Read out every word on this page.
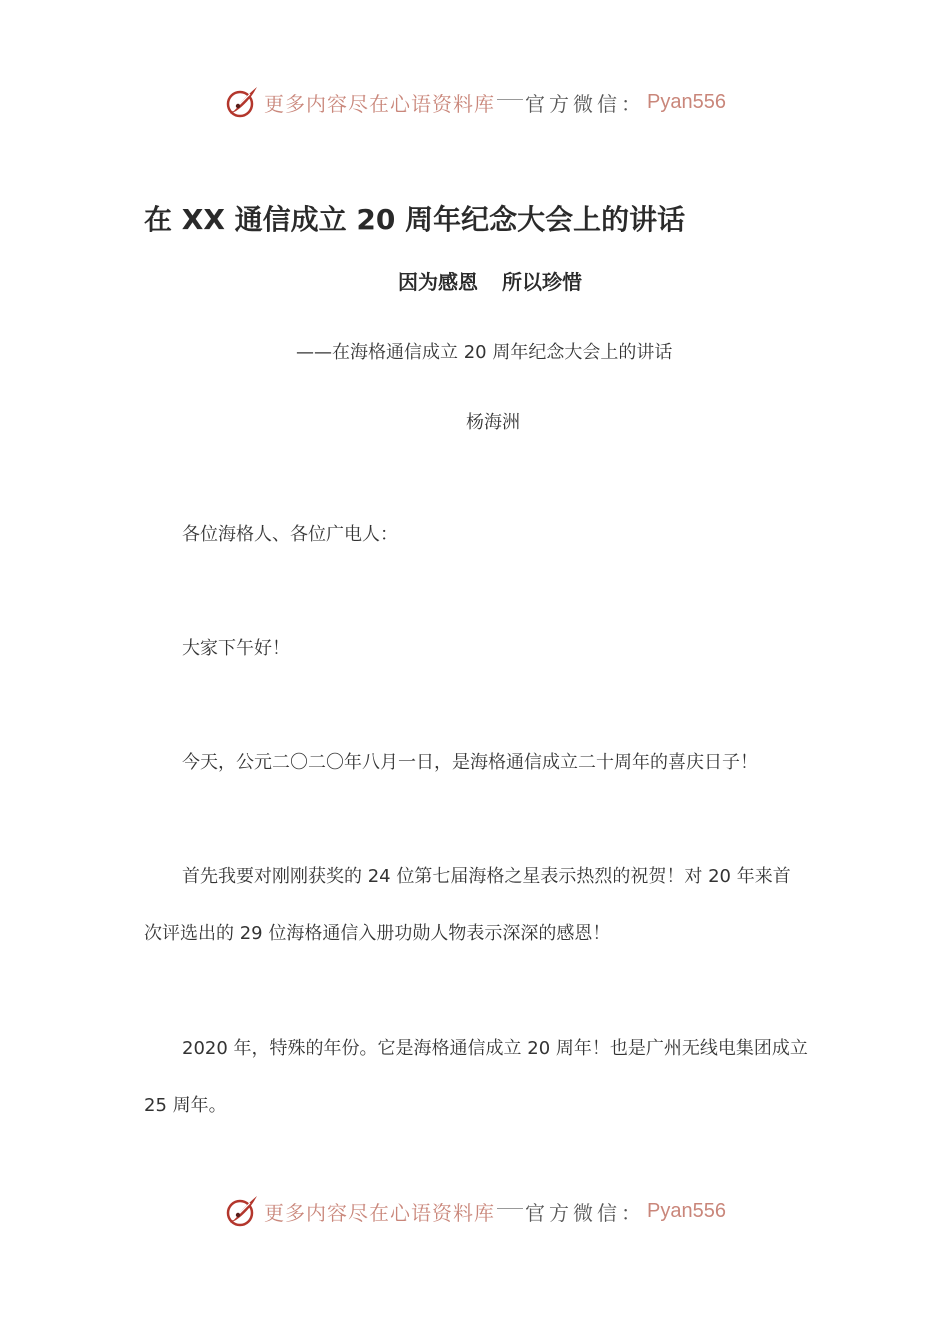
更多内容尽在心语资料库 官方微信： Pyan556
在 XX 通信成立 20 周年纪念大会上的讲话
因为感恩 所以珍惜
——在海格通信成立 20 周年纪念大会上的讲话
杨海洲

各位海格人、各位广电人：

大家下午好！

今天，公元二〇二〇年八月一日，是海格通信成立二十周年的喜庆日子！

首先我要对刚刚获奖的 24 位第七届海格之星表示热烈的祝贺！对 20 年来首次评选出的 29 位海格通信入册功勋人物表示深深的感恩！

2020 年，特殊的年份。它是海格通信成立 20 周年！也是广州无线电集团成立 25 周年。

更多内容尽在心语资料库 官方微信： Pyan556
